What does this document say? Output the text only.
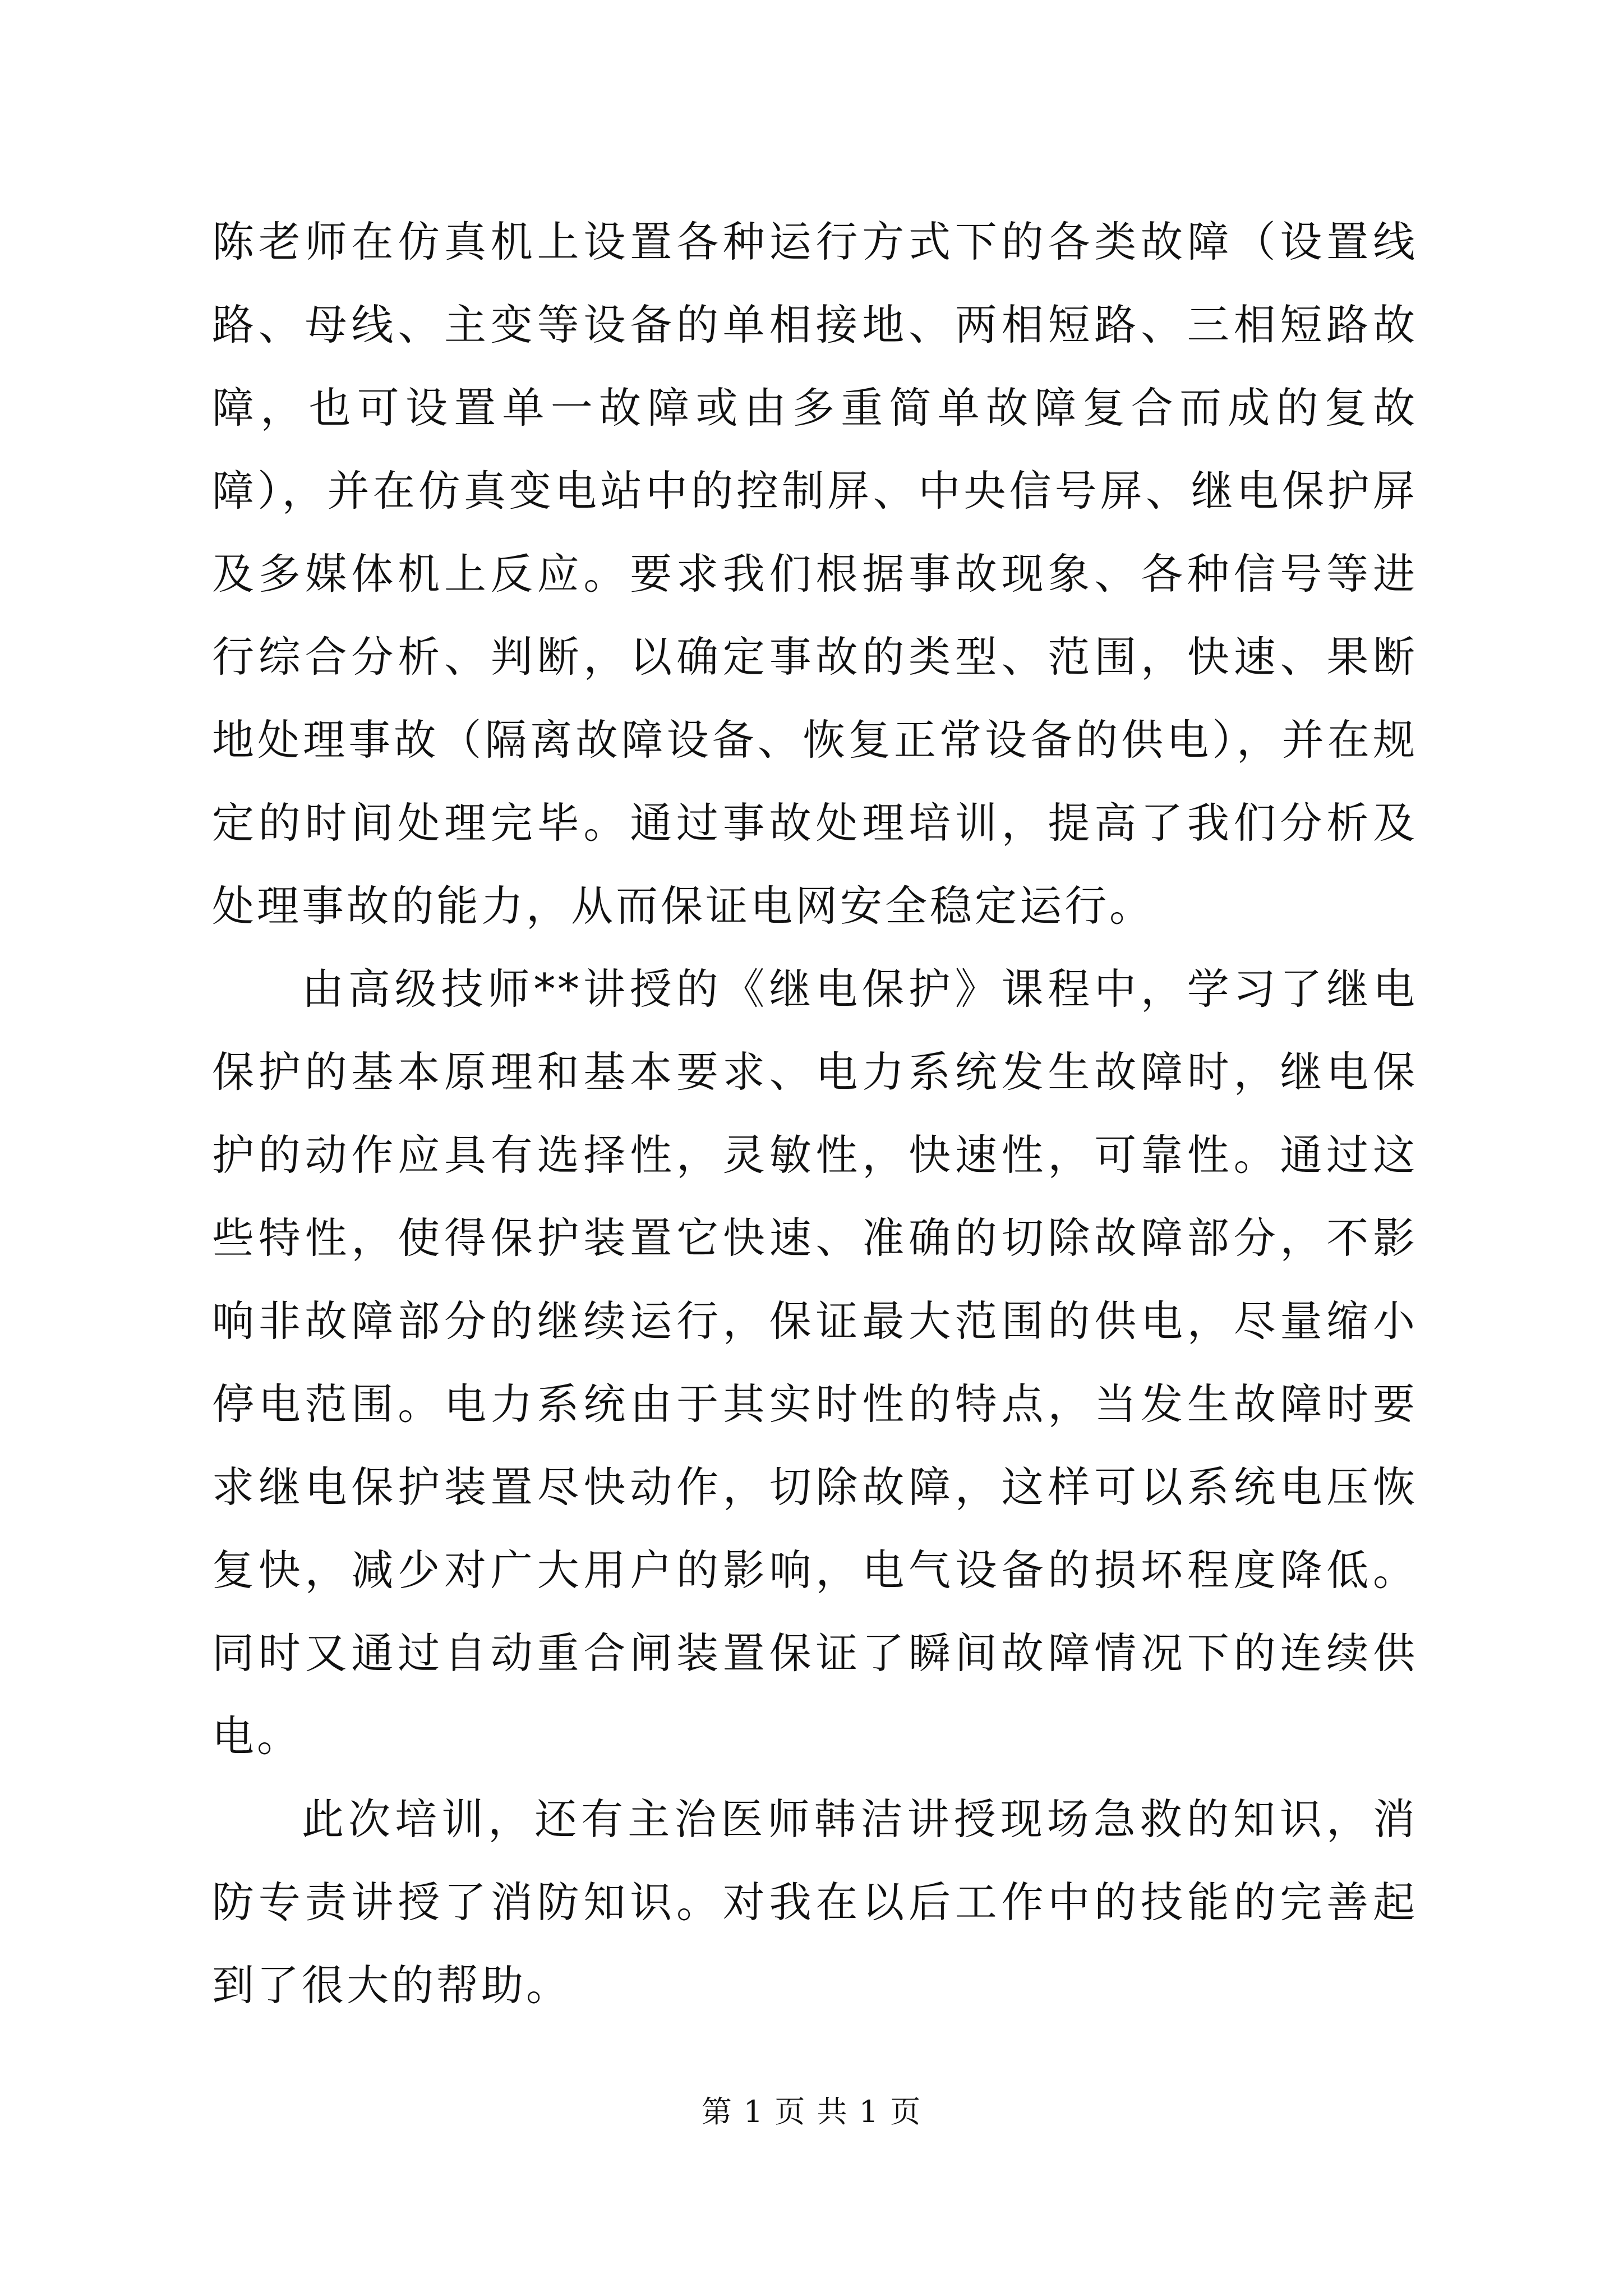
陈老师在仿真机上设置各种运行方式下的各类故障（设置线路、母线、主变等设备的单相接地、两相短路、三相短路故障，也可设置单一故障或由多重简单故障复合而成的复故障），并在仿真变电站中的控制屏、中央信号屏、继电保护屏及多媒体机上反应。要求我们根据事故现象、各种信号等进行综合分析、判断，以确定事故的类型、范围，快速、果断地处理事故（隔离故障设备、恢复正常设备的供电），并在规定的时间处理完毕。通过事故处理培训，提高了我们分析及处理事故的能力，从而保证电网安全稳定运行。

由高级技师**讲授的《继电保护》课程中，学习了继电保护的基本原理和基本要求、电力系统发生故障时，继电保护的动作应具有选择性，灵敏性，快速性，可靠性。通过这些特性，使得保护装置它快速、准确的切除故障部分，不影响非故障部分的继续运行，保证最大范围的供电，尽量缩小停电范围。电力系统由于其实时性的特点，当发生故障时要求继电保护装置尽快动作，切除故障，这样可以系统电压恢复快，减少对广大用户的影响，电气设备的损坏程度降低。同时又通过自动重合闸装置保证了瞬间故障情况下的连续供电。

此次培训，还有主治医师韩洁讲授现场急救的知识，消防专责讲授了消防知识。对我在以后工作中的技能的完善起到了很大的帮助。

第 1 页 共 1 页
